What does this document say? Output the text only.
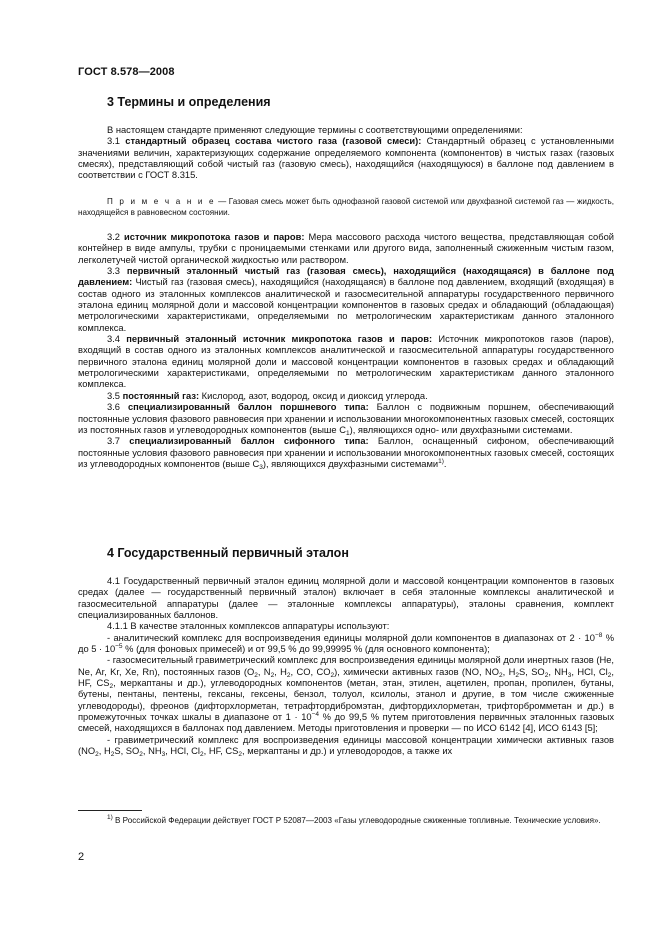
ГОСТ 8.578—2008
3 Термины и определения

В настоящем стандарте применяют следующие термины с соответствующими определениями:

3.1 стандартный образец состава чистого газа (газовой смеси): Стандартный образец с установленными значениями величин, характеризующих содержание определяемого компонента (компонентов) в чистых газах (газовых смесях), представляющий собой чистый газ (газовую смесь), находящийся (находящуюся) в баллоне под давлением в соответствии с ГОСТ 8.315.

П р и м е ч а н и е — Газовая смесь может быть однофазной газовой системой или двухфазной системой газ — жидкость, находящейся в равновесном состоянии.

3.2 источник микропотока газов и паров: Мера массового расхода чистого вещества, представляющая собой контейнер в виде ампулы, трубки с проницаемыми стенками или другого вида, заполненный сжиженным чистым газом, легколетучей чистой органической жидкостью или раствором.

3.3 первичный эталонный чистый газ (газовая смесь), находящийся (находящаяся) в баллоне под давлением: Чистый газ (газовая смесь), находящийся (находящаяся) в баллоне под давлением, входящий (входящая) в состав одного из эталонных комплексов аналитической и газосмесительной аппаратуры государственного первичного эталона единиц молярной доли и массовой концентрации компонентов в газовых средах и обладающий (обладающая) метрологическими характеристиками, определяемыми по метрологическим характеристикам данного эталонного комплекса.

3.4 первичный эталонный источник микропотока газов и паров: Источник микропотоков газов (паров), входящий в состав одного из эталонных комплексов аналитической и газосмесительной аппаратуры государственного первичного эталона единиц молярной доли и массовой концентрации компонентов в газовых средах и обладающий метрологическими характеристиками, определяемыми по метрологическим характеристикам данного эталонного комплекса.

3.5 постоянный газ: Кислород, азот, водород, оксид и диоксид углерода.

3.6 специализированный баллон поршневого типа: Баллон с подвижным поршнем, обеспечивающий постоянные условия фазового равновесия при хранении и использовании многокомпонентных газовых смесей, состоящих из постоянных газов и углеводородных компонентов (выше $C_1$), являющихся одно- или двухфазными системами.

3.7 специализированный баллон сифонного типа: Баллон, оснащенный сифоном, обеспечивающий постоянные условия фазового равновесия при хранении и использовании многокомпонентных газовых смесей, состоящих из углеводородных компонентов (выше $C_3$), являющихся двухфазными системами$^{1)}$.

4 Государственный первичный эталон

4.1 Государственный первичный эталон единиц молярной доли и массовой концентрации компонентов в газовых средах (далее — государственный первичный эталон) включает в себя эталонные комплексы аналитической и газосмесительной аппаратуры (далее — эталонные комплексы аппаратуры), эталоны сравнения, комплект специализированных баллонов.

4.1.1 В качестве эталонных комплексов аппаратуры используют:

- аналитический комплекс для воспроизведения единицы молярной доли компонентов в диапазонах от $2 \cdot 10^{-8}$ % до $5 \cdot 10^{-5}$ % (для фоновых примесей) и от 99,5 % до 99,99995 % (для основного компонента);

- газосмесительный гравиметрический комплекс для воспроизведения единицы молярной доли инертных газов (He, Ne, Ar, Kr, Xe, Rn), постоянных газов ($O_2$, $N_2$, $H_2$, CO, $CO_2$), химически активных газов (NO, $NO_2$, $H_2S$, $SO_2$, $NH_3$, HCl, $Cl_2$, HF, $CS_2$, меркаптаны и др.), углеводородных компонентов (метан, этан, этилен, ацетилен, пропан, пропилен, бутаны, бутены, пентаны, пентены, гексаны, гексены, бензол, толуол, ксилолы, этанол и другие, в том числе сжиженные углеводороды), фреонов (дифторхлорметан, тетрафтордибромэтан, дифтордихлорметан, трифторбромметан и др.) в промежуточных точках шкалы в диапазоне от $1 \cdot 10^{-4}$ % до 99,5 % путем приготовления первичных эталонных газовых смесей, находящихся в баллонах под давлением. Методы приготовления и проверки — по ИСО 6142 [4], ИСО 6143 [5];

- гравиметрический комплекс для воспроизведения единицы массовой концентрации химически активных газов ($NO_2$, $H_2S$, $SO_2$, $NH_3$, HCl, $Cl_2$, HF, $CS_2$, меркаптаны и др.) и углеводородов, а также их

$^{1)}$ В Российской Федерации действует ГОСТ Р 52087—2003 «Газы углеводородные сжиженные топливные. Технические условия».

2
